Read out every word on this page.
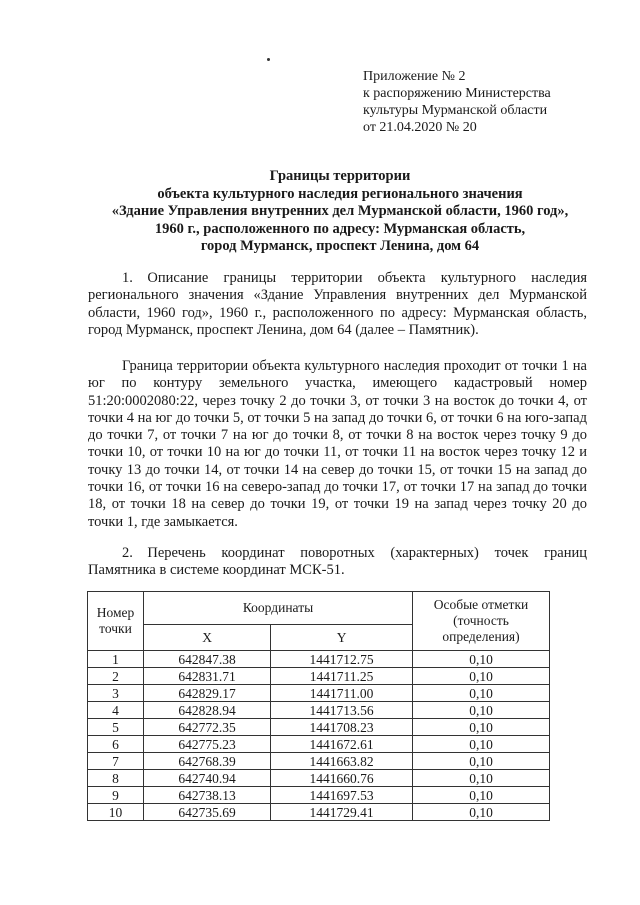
Приложение № 2
к распоряжению Министерства
культуры Мурманской области
от 21.04.2020 № 20
Границы территории
объекта культурного наследия регионального значения
«Здание Управления внутренних дел Мурманской области, 1960 год»,
1960 г., расположенного по адресу: Мурманская область,
город Мурманск, проспект Ленина, дом 64

1. Описание границы территории объекта культурного наследия регионального значения «Здание Управления внутренних дел Мурманской области, 1960 год», 1960 г., расположенного по адресу: Мурманская область, город Мурманск, проспект Ленина, дом 64 (далее – Памятник).

Граница территории объекта культурного наследия проходит от точки 1 на юг по контуру земельного участка, имеющего кадастровый номер 51:20:0002080:22, через точку 2 до точки 3, от точки 3 на восток до точки 4, от точки 4 на юг до точки 5, от точки 5 на запад до точки 6, от точки 6 на юго-запад до точки 7, от точки 7 на юг до точки 8, от точки 8 на восток через точку 9 до точки 10, от точки 10 на юг до точки 11, от точки 11 на восток через точку 12 и точку 13 до точки 14, от точки 14 на север до точки 15, от точки 15 на запад до точки 16, от точки 16 на северо-запад до точки 17, от точки 17 на запад до точки 18, от точки 18 на север до точки 19, от точки 19 на запад через точку 20 до точки 1, где замыкается.

2. Перечень координат поворотных (характерных) точек границ Памятника в системе координат МСК-51.

Номер точки	Координаты		Особые отметки (точность определения)
	X	Y	
1	642847.38	1441712.75	0,10
2	642831.71	1441711.25	0,10
3	642829.17	1441711.00	0,10
4	642828.94	1441713.56	0,10
5	642772.35	1441708.23	0,10
6	642775.23	1441672.61	0,10
7	642768.39	1441663.82	0,10
8	642740.94	1441660.76	0,10
9	642738.13	1441697.53	0,10
10	642735.69	1441729.41	0,10
